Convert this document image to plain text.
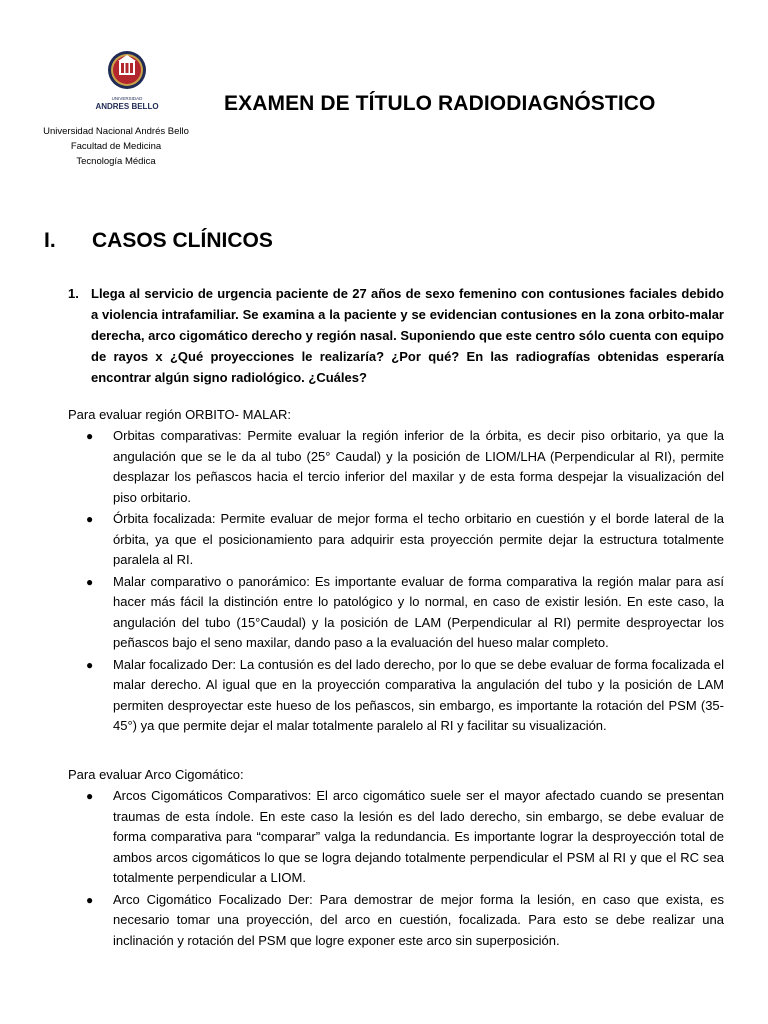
UNIVERSIDAD
ANDRES BELLO
Universidad Nacional Andrés Bello
Facultad de Medicina
Tecnología Médica
EXAMEN DE TÍTULO RADIODIAGNÓSTICO
I. CASOS CLÍNICOS
1. Llega al servicio de urgencia paciente de 27 años de sexo femenino con contusiones faciales debido a violencia intrafamiliar. Se examina a la paciente y se evidencian contusiones en la zona orbito-malar derecha, arco cigomático derecho y región nasal. Suponiendo que este centro sólo cuenta con equipo de rayos x ¿Qué proyecciones le realizaría? ¿Por qué? En las radiografías obtenidas esperaría encontrar algún signo radiológico. ¿Cuáles?
Para evaluar región ORBITO- MALAR:
● Orbitas comparativas: Permite evaluar la región inferior de la órbita, es decir piso orbitario, ya que la angulación que se le da al tubo (25° Caudal) y la posición de LIOM/LHA (Perpendicular al RI), permite desplazar los peñascos hacia el tercio inferior del maxilar y de esta forma despejar la visualización del piso orbitario.
● Órbita focalizada: Permite evaluar de mejor forma el techo orbitario en cuestión y el borde lateral de la órbita, ya que el posicionamiento para adquirir esta proyección permite dejar la estructura totalmente paralela al RI.
● Malar comparativo o panorámico: Es importante evaluar de forma comparativa la región malar para así hacer más fácil la distinción entre lo patológico y lo normal, en caso de existir lesión. En este caso, la angulación del tubo (15°Caudal) y la posición de LAM (Perpendicular al RI) permite desproyectar los peñascos bajo el seno maxilar, dando paso a la evaluación del hueso malar completo.
● Malar focalizado Der: La contusión es del lado derecho, por lo que se debe evaluar de forma focalizada el malar derecho. Al igual que en la proyección comparativa la angulación del tubo y la posición de LAM permiten desproyectar este hueso de los peñascos, sin embargo, es importante la rotación del PSM (35-45°) ya que permite dejar el malar totalmente paralelo al RI y facilitar su visualización.
Para evaluar Arco Cigomático:
● Arcos Cigomáticos Comparativos: El arco cigomático suele ser el mayor afectado cuando se presentan traumas de esta índole. En este caso la lesión es del lado derecho, sin embargo, se debe evaluar de forma comparativa para “comparar” valga la redundancia. Es importante lograr la desproyección total de ambos arcos cigomáticos lo que se logra dejando totalmente perpendicular el PSM al RI y que el RC sea totalmente perpendicular a LIOM.
● Arco Cigomático Focalizado Der: Para demostrar de mejor forma la lesión, en caso que exista, es necesario tomar una proyección, del arco en cuestión, focalizada. Para esto se debe realizar una inclinación y rotación del PSM que logre exponer este arco sin superposición.
